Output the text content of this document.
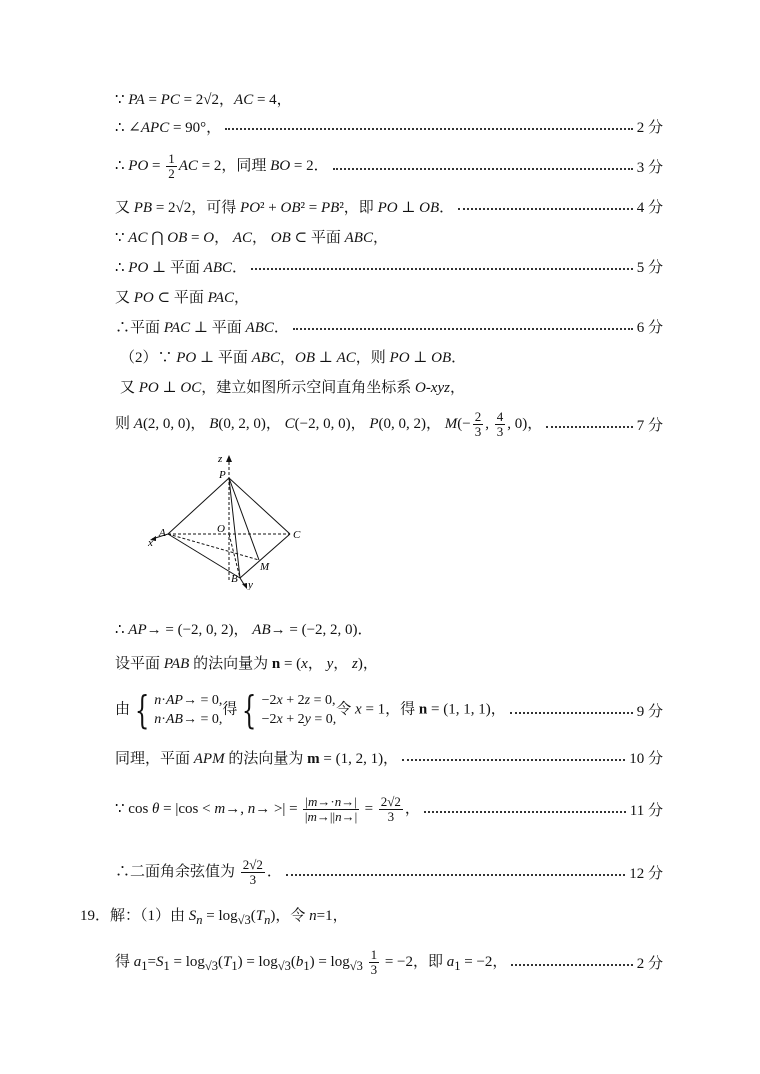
∵ PA = PC = 2√2，AC = 4，
∴ ∠APC = 90°，	2 分
∴ PO = $\frac{1}{2}$ AC = 2，同理 BO = 2．	3 分
又 PB = 2√2，可得 PO² + OB² = PB²，即 PO ⊥ OB．	4 分
∵ AC ⋂ OB = O， AC， OB ⊂ 平面 ABC，
∴ PO ⊥ 平面 ABC．	5 分
又 PO ⊂ 平面 PAC，
∴平面 PAC ⊥ 平面 ABC．	6 分
（2）∵ PO ⊥ 平面 ABC，OB ⊥ AC，则 PO ⊥ OB．
又 PO ⊥ OC，建立如图所示空间直角坐标系 O-xyz，
则 A(2, 0, 0)， B(0, 2, 0)， C(−2, 0, 0)， P(0, 0, 2)， $M(- \frac{2}{3}$ , $\frac{4}{3}$ , 0)，	7 分
z
P
A
x
O	C
M
B y
∴ AP→ = (−2, 0, 2)， AB→ = (−2, 2, 0)．
设平面 PAB 的法向量为 n = (x， y， z)，
由 { n·AP→ = 0,
n·AB→ = 0,
得 { −2x + 2z = 0,
−2x + 2y = 0,
令 x = 1，得 n = (1, 1, 1)，	9 分
同理，平面 APM 的法向量为 m = (1, 2, 1)，	10 分
∵ cos θ = |cos < m→, n→ >| = $\frac{|m\to\cdot n\to|}{|m\to||n\to|} = \frac{2√2}{3}$ ，	11 分
∴二面角余弦值为 $\frac{2√2}{3}$ ．	12 分
19．解：（1）由 $S_n = \log_{√3}(T_n)$，令 n=1，
得 $a_1=S_1 = \log_{√3}(T_1) = \log_{√3}(b_1) = \log_{√3} \frac{1}{3} = -2$，即 $a_1 = -2$，	2 分
